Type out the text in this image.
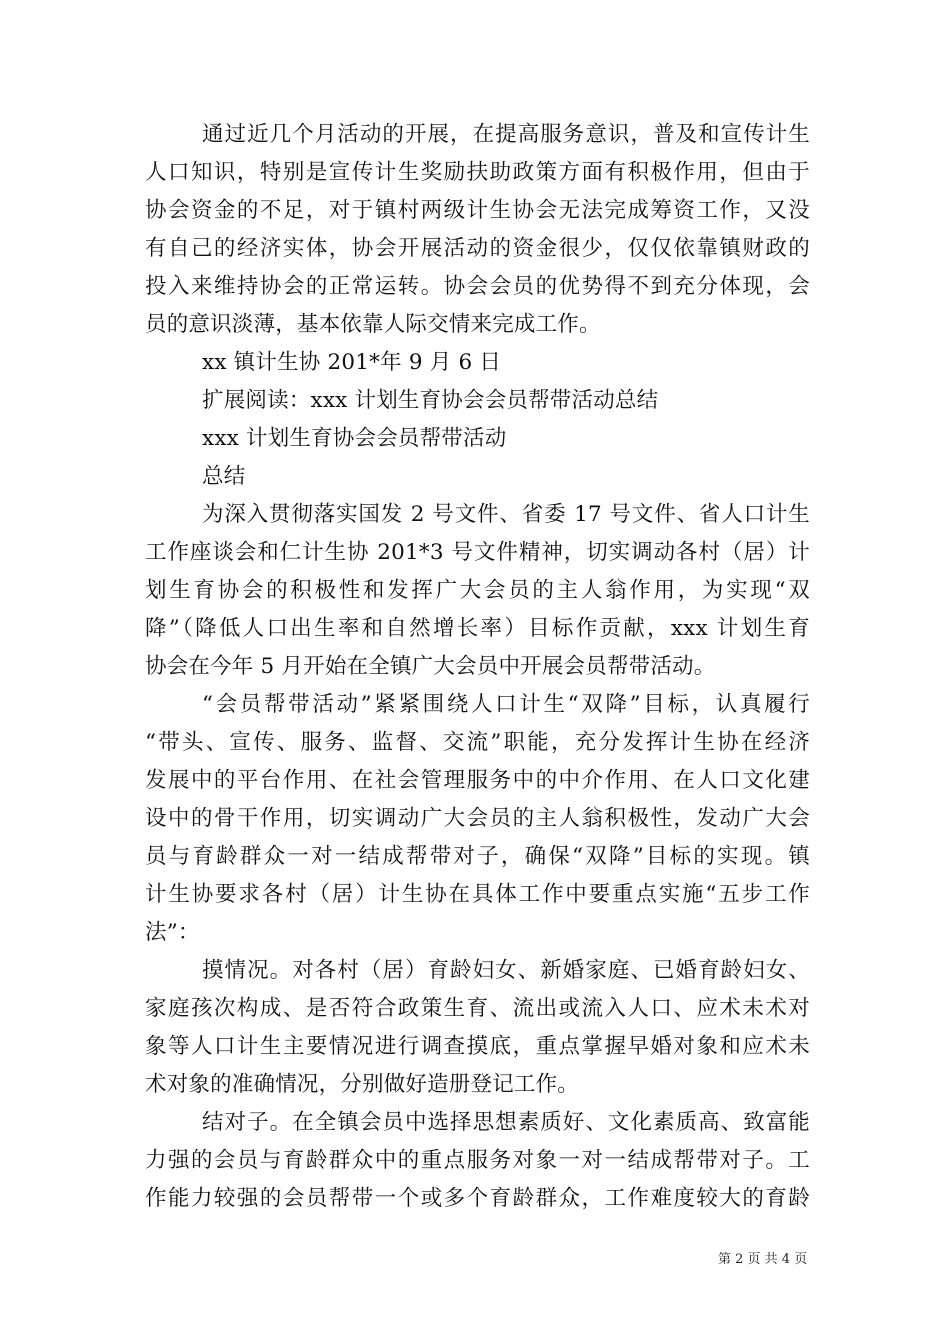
通过近几个月活动的开展，在提高服务意识，普及和宣传计生
人口知识，特别是宣传计生奖励扶助政策方面有积极作用，但由于
协会资金的不足，对于镇村两级计生协会无法完成筹资工作，又没
有自己的经济实体，协会开展活动的资金很少，仅仅依靠镇财政的
投入来维持协会的正常运转。协会会员的优势得不到充分体现，会
员的意识淡薄，基本依靠人际交情来完成工作。
xx 镇计生协 201*年 9 月 6 日
扩展阅读：xxx 计划生育协会会员帮带活动总结
xxx 计划生育协会会员帮带活动
总结
为深入贯彻落实国发 2 号文件、省委 17 号文件、省人口计生
工作座谈会和仁计生协 201*3 号文件精神，切实调动各村（居）计
划生育协会的积极性和发挥广大会员的主人翁作用，为实现“双
降”（降低人口出生率和自然增长率）目标作贡献，xxx 计划生育
协会在今年 5 月开始在全镇广大会员中开展会员帮带活动。
“会员帮带活动”紧紧围绕人口计生“双降”目标，认真履行
“带头、宣传、服务、监督、交流”职能，充分发挥计生协在经济
发展中的平台作用、在社会管理服务中的中介作用、在人口文化建
设中的骨干作用，切实调动广大会员的主人翁积极性，发动广大会
员与育龄群众一对一结成帮带对子，确保“双降”目标的实现。镇
计生协要求各村（居）计生协在具体工作中要重点实施“五步工作
法”：
摸情况。对各村（居）育龄妇女、新婚家庭、已婚育龄妇女、
家庭孩次构成、是否符合政策生育、流出或流入人口、应术未术对
象等人口计生主要情况进行调查摸底，重点掌握早婚对象和应术未
术对象的准确情况，分别做好造册登记工作。
结对子。在全镇会员中选择思想素质好、文化素质高、致富能
力强的会员与育龄群众中的重点服务对象一对一结成帮带对子。工
作能力较强的会员帮带一个或多个育龄群众，工作难度较大的育龄
第 2 页 共 4 页
